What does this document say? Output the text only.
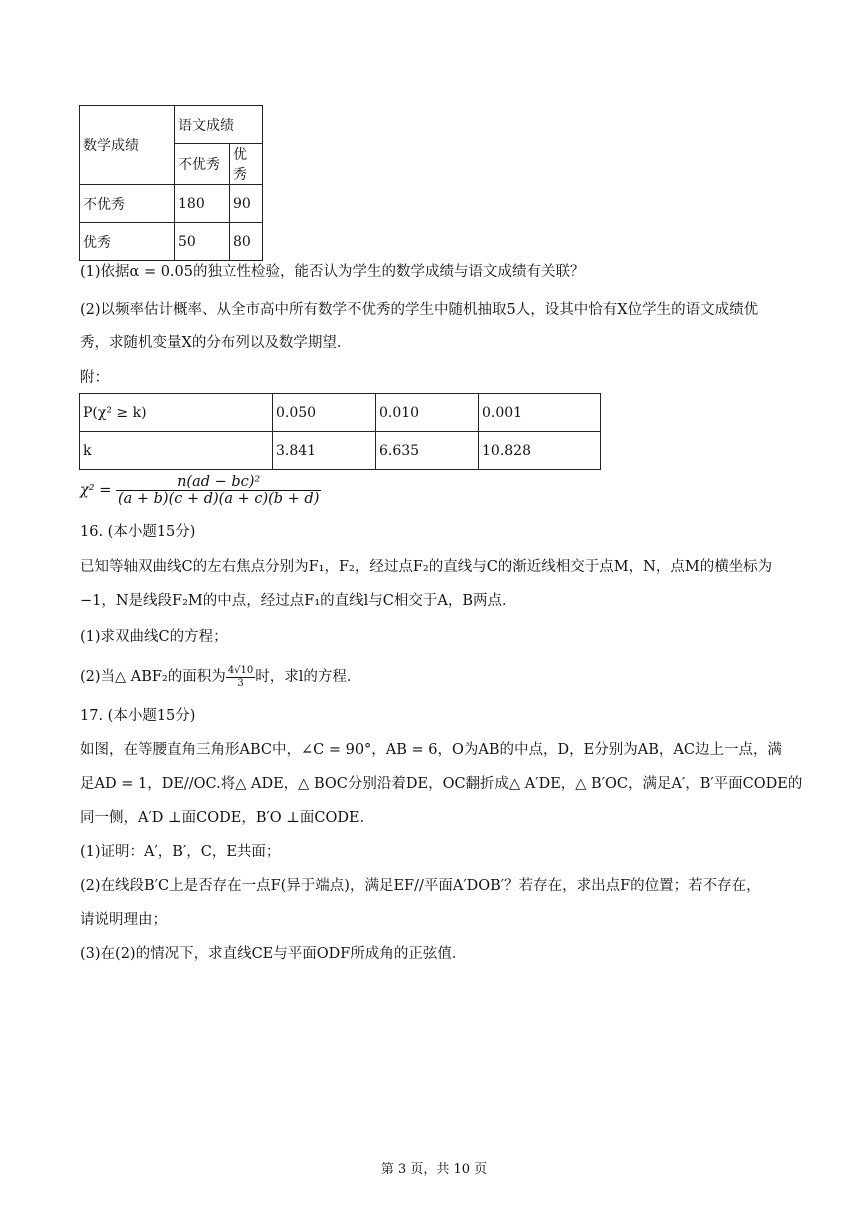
数学成绩	语文成绩	
	不优秀	优秀
不优秀	180	90
优秀	50	80
(1)依据α = 0.05的独立性检验，能否认为学生的数学成绩与语文成绩有关联？
(2)以频率估计概率、从全市高中所有数学不优秀的学生中随机抽取5人，设其中恰有X位学生的语文成绩优
秀，求随机变量X的分布列以及数学期望．
附：
P(χ² ≥ k)	0.050	0.010	0.001
k	3.841	6.635	10.828
$\chi^2 = \frac{\text{n(ad − bc)²}}{(a + b)(c + d)(a + c)(b + d)}$
16. (本小题15分)
已知等轴双曲线C的左右焦点分别为F₁，F₂，经过点F₂的直线与C的渐近线相交于点M，N，点M的横坐标为
−1，N是线段F₂M的中点，经过点F₁的直线l与C相交于A，B两点．
(1)求双曲线C的方程；
(2)当△ ABF₂的面积为 $\frac{4√10}{3}$ 时，求l的方程．
17. (本小题15分)
如图，在等腰直角三角形ABC中，∠C = 90°，AB = 6，O为AB的中点，D，E分别为AB，AC边上一点，满
足AD = 1，DE//OC.将△ ADE，△ BOC分别沿着DE，OC翻折成△ A′DE，△ B′OC，满足A′，B′平面CODE的
同一侧，A′D ⊥面CODE，B′O ⊥面CODE．
(1)证明：A′，B′，C，E共面；
(2)在线段B′C上是否存在一点F(异于端点)，满足EF//平面A′DOB′？若存在，求出点F的位置；若不存在，
请说明理由；
(3)在(2)的情况下，求直线CE与平面ODF所成角的正弦值．
第 3 页，共 10 页
